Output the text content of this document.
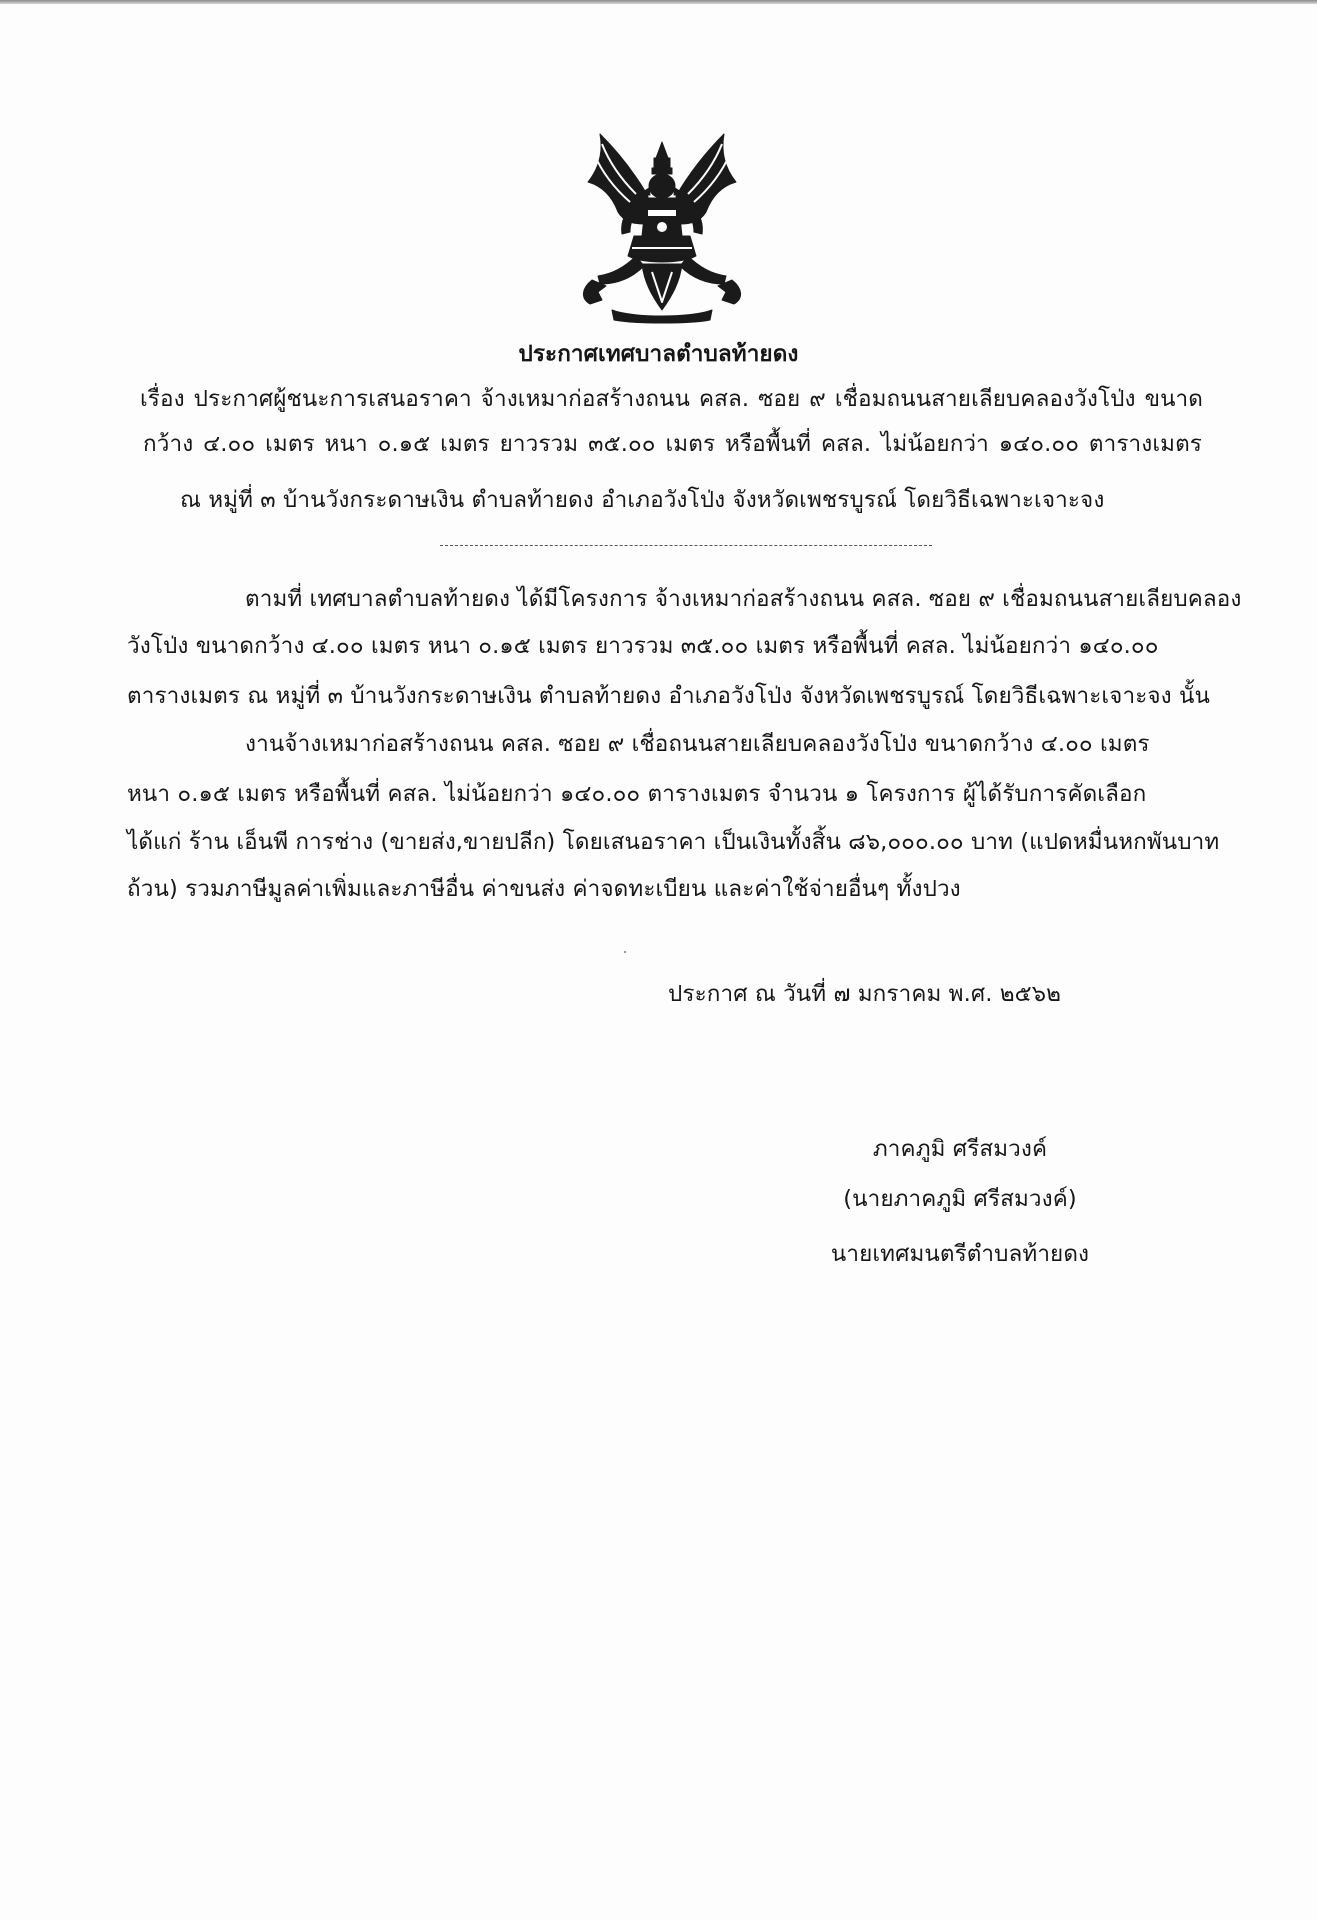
ประกาศเทศบาลตำบลท้ายดง
เรื่อง ประกาศผู้ชนะการเสนอราคา จ้างเหมาก่อสร้างถนน คสล. ซอย ๙ เชื่อมถนนสายเลียบคลองวังโป่ง ขนาด
กว้าง ๔.๐๐ เมตร หนา ๐.๑๕ เมตร ยาวรวม ๓๕.๐๐ เมตร หรือพื้นที่ คสล. ไม่น้อยกว่า ๑๔๐.๐๐ ตารางเมตร
ณ หมู่ที่ ๓ บ้านวังกระดาษเงิน ตำบลท้ายดง อำเภอวังโป่ง จังหวัดเพชรบูรณ์ โดยวิธีเฉพาะเจาะจง
ตามที่ เทศบาลตำบลท้ายดง ได้มีโครงการ จ้างเหมาก่อสร้างถนน คสล. ซอย ๙ เชื่อมถนนสายเลียบคลอง
วังโป่ง ขนาดกว้าง ๔.๐๐ เมตร หนา ๐.๑๕ เมตร ยาวรวม ๓๕.๐๐ เมตร หรือพื้นที่ คสล. ไม่น้อยกว่า ๑๔๐.๐๐
ตารางเมตร ณ หมู่ที่ ๓ บ้านวังกระดาษเงิน ตำบลท้ายดง อำเภอวังโป่ง จังหวัดเพชรบูรณ์ โดยวิธีเฉพาะเจาะจง นั้น
งานจ้างเหมาก่อสร้างถนน คสล. ซอย ๙ เชื่อถนนสายเลียบคลองวังโป่ง ขนาดกว้าง ๔.๐๐ เมตร
หนา ๐.๑๕ เมตร หรือพื้นที่ คสล. ไม่น้อยกว่า ๑๔๐.๐๐ ตารางเมตร จำนวน ๑ โครงการ ผู้ได้รับการคัดเลือก
ได้แก่ ร้าน เอ็นพี การช่าง (ขายส่ง,ขายปลีก) โดยเสนอราคา เป็นเงินทั้งสิ้น ๘๖,๐๐๐.๐๐ บาท (แปดหมื่นหกพันบาท
ถ้วน) รวมภาษีมูลค่าเพิ่มและภาษีอื่น ค่าขนส่ง ค่าจดทะเบียน และค่าใช้จ่ายอื่นๆ ทั้งปวง
ประกาศ ณ วันที่ ๗ มกราคม พ.ศ. ๒๕๖๒
ภาคภูมิ ศรีสมวงค์
(นายภาคภูมิ ศรีสมวงค์)
นายเทศมนตรีตำบลท้ายดง
